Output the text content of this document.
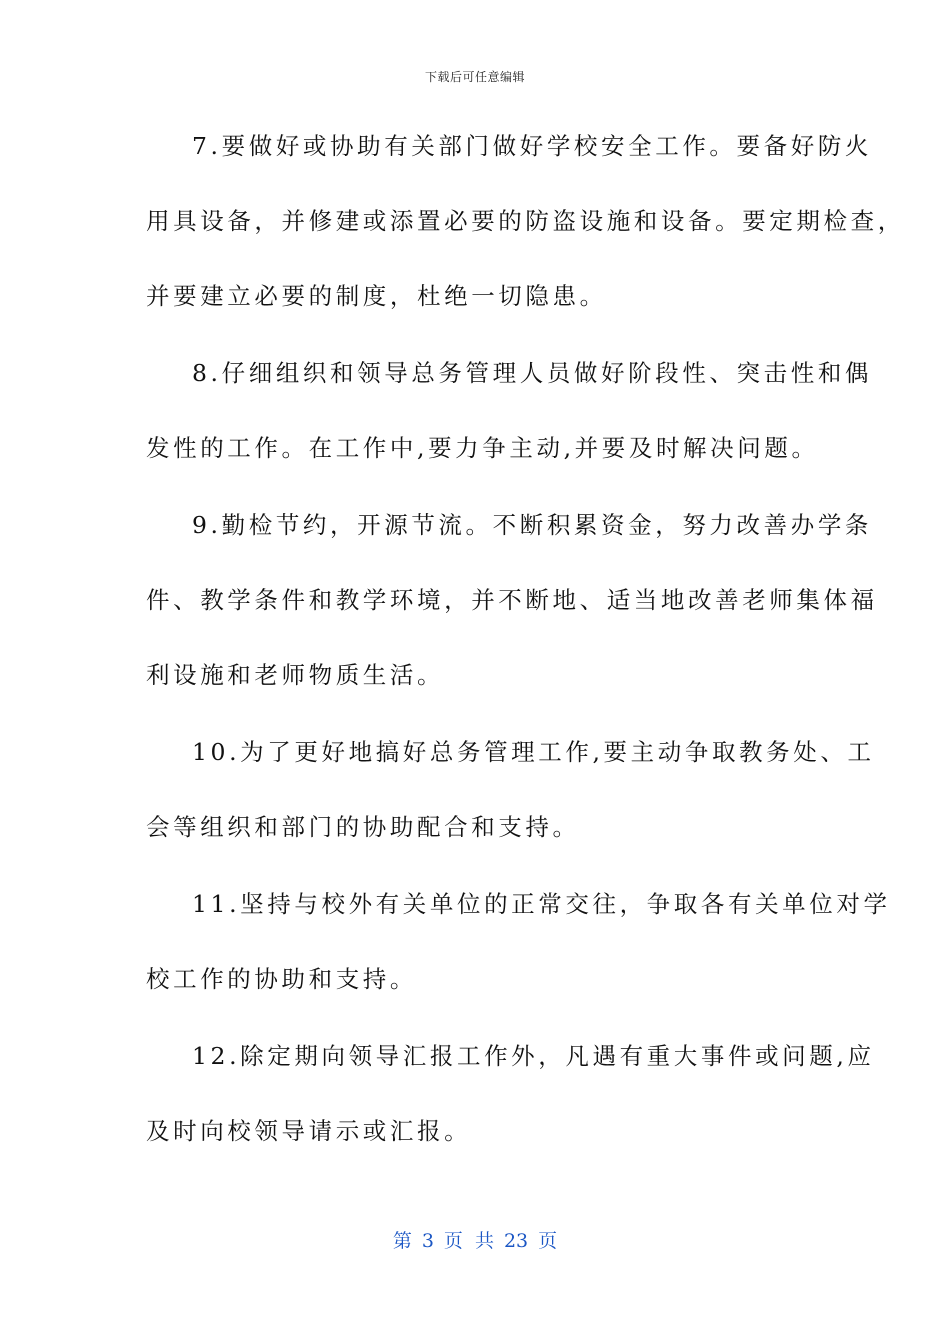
下载后可任意编辑
7.要做好或协助有关部门做好学校安全工作。要备好防火
用具设备，并修建或添置必要的防盗设施和设备。要定期检查，
并要建立必要的制度，杜绝一切隐患。
8.仔细组织和领导总务管理人员做好阶段性、突击性和偶
发性的工作。在工作中,要力争主动,并要及时解决问题。
9.勤检节约，开源节流。不断积累资金，努力改善办学条
件、教学条件和教学环境，并不断地、适当地改善老师集体福
利设施和老师物质生活。
10.为了更好地搞好总务管理工作,要主动争取教务处、工
会等组织和部门的协助配合和支持。
11.坚持与校外有关单位的正常交往，争取各有关单位对学
校工作的协助和支持。
12.除定期向领导汇报工作外，凡遇有重大事件或问题,应
及时向校领导请示或汇报。
第 3 页 共 23 页
